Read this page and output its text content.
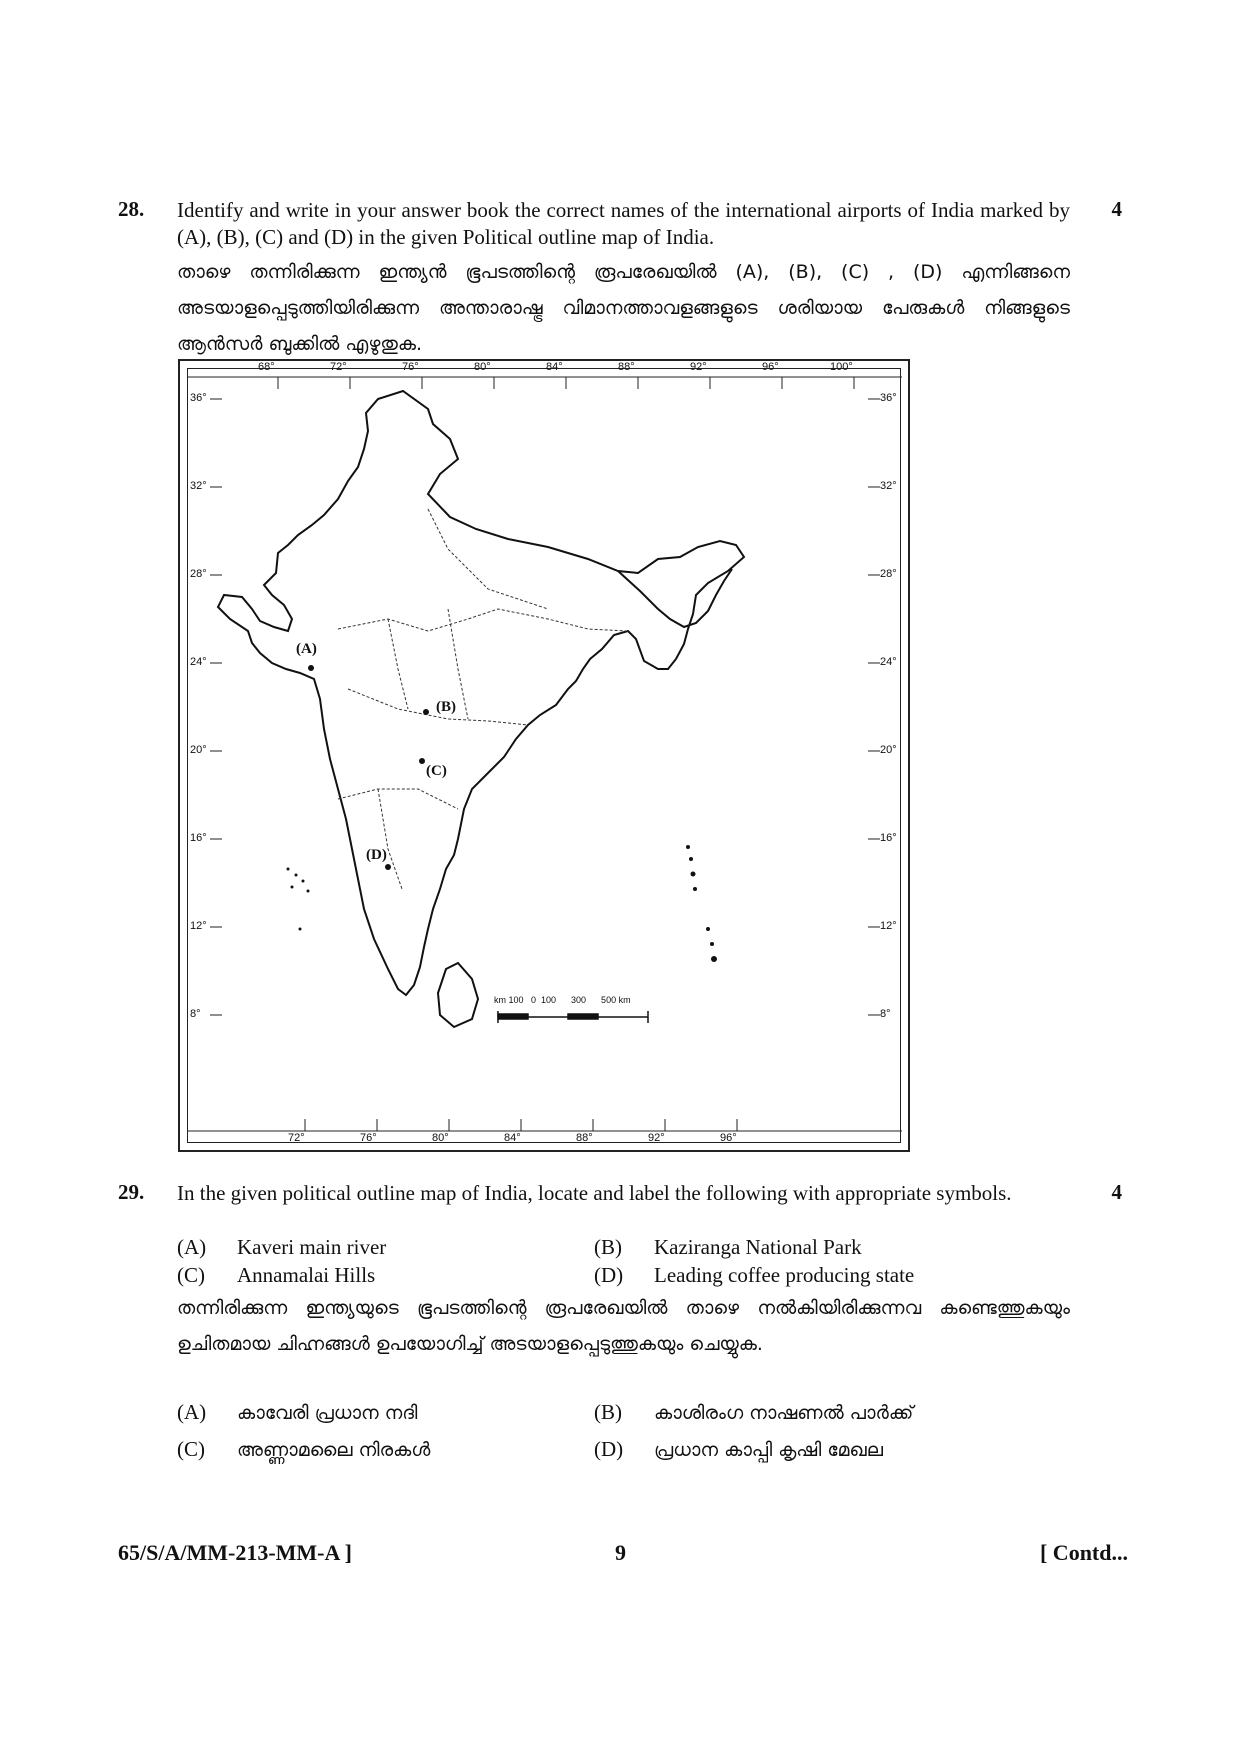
28.	4
Identify and write in your answer book the correct names of the international airports of India marked by (A), (B), (C) and (D) in the given Political outline map of India.
താഴെ തന്നിരിക്കുന്ന ഇന്ത്യൻ ഭൂപടത്തിന്റെ രൂപരേഖയിൽ (A), (B), (C) , (D) എന്നിങ്ങനെ അടയാളപ്പെടുത്തിയിരിക്കുന്ന അന്താരാഷ്ട്ര വിമാനത്താവളങ്ങളുടെ ശരിയായ പേരുകൾ നിങ്ങളുടെ ആൻസർ ബുക്കിൽ എഴുതുക.
68°	72°	76°	80°	84°	88°	92°	96°	100°
72°	76°	80°	84°	88°	92°	96°
36°
32°
28°
24°
20°
16°
12°
8°
36°
32°
28°
24°
20°
16°
12°
8°
(A)
(B)
(C)
(D)
km 100   0  100      300      500 km
29.	4
In the given political outline map of India, locate and label the following with appropriate symbols.
(A) Kaveri main river	(B) Kaziranga National Park
(C) Annamalai Hills	(D) Leading coffee producing state
തന്നിരിക്കുന്ന ഇന്ത്യയുടെ ഭൂപടത്തിന്റെ രൂപരേഖയിൽ താഴെ നൽകിയിരിക്കുന്നവ കണ്ടെത്തുകയും ഉചിതമായ ചിഹ്നങ്ങൾ ഉപയോഗിച്ച് അടയാളപ്പെടുത്തുകയും ചെയ്യുക.
(A) കാവേരി പ്രധാന നദി	(B) കാശിരംഗ നാഷണൽ പാർക്ക്
(C) അണ്ണാമലൈ നിരകൾ	(D) പ്രധാന കാപ്പി കൃഷി മേഖല
65/S/A/MM-213-MM-A ]	9	[ Contd...
